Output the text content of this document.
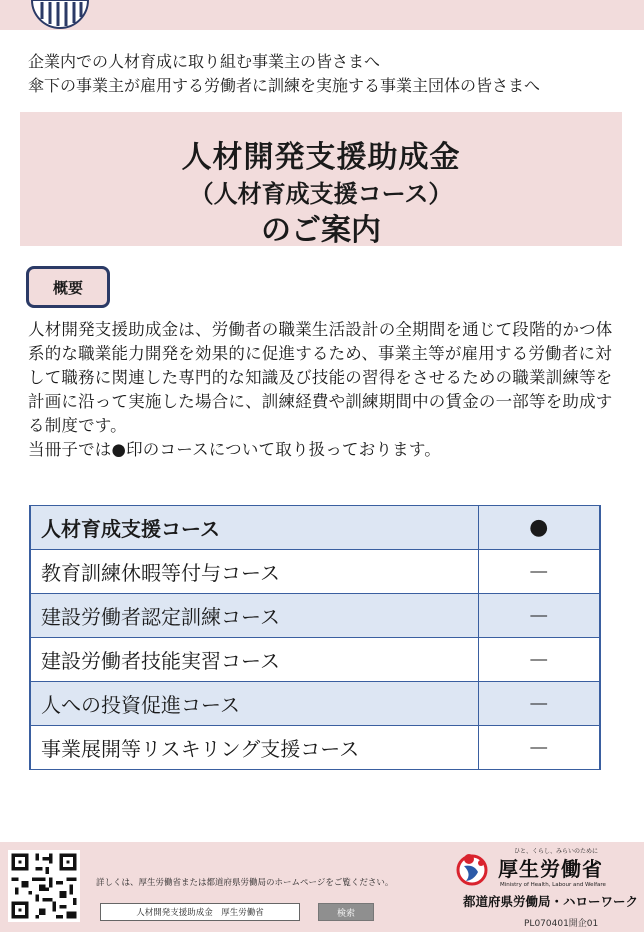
企業内での人材育成に取り組む事業主の皆さまへ
傘下の事業主が雇用する労働者に訓練を実施する事業主団体の皆さまへ
人材開発支援助成金
（人材育成支援コース）
のご案内
概要

人材開発支援助成金は、労働者の職業生活設計の全期間を通じて段階的かつ体系的な職業能力開発を効果的に促進するため、事業主等が雇用する労働者に対して職務に関連した専門的な知識及び技能の習得をさせるための職業訓練等を計画に沿って実施した場合に、訓練経費や訓練期間中の賃金の一部等を助成する制度です。

当冊子では●印のコースについて取り扱っております。

人材育成支援コース	●
教育訓練休暇等付与コース	－
建設労働者認定訓練コース	－
建設労働者技能実習コース	－
人への投資促進コース	－
事業展開等リスキリング支援コース	－
詳しくは、厚生労働省または都道府県労働局のホームページをご覧ください。
人材開発支援助成金　厚生労働省	検索
ひと、くらし、みらいのために
厚生労働省
Ministry of Health, Labour and Welfare
都道府県労働局・ハローワーク
PL070401開企01
